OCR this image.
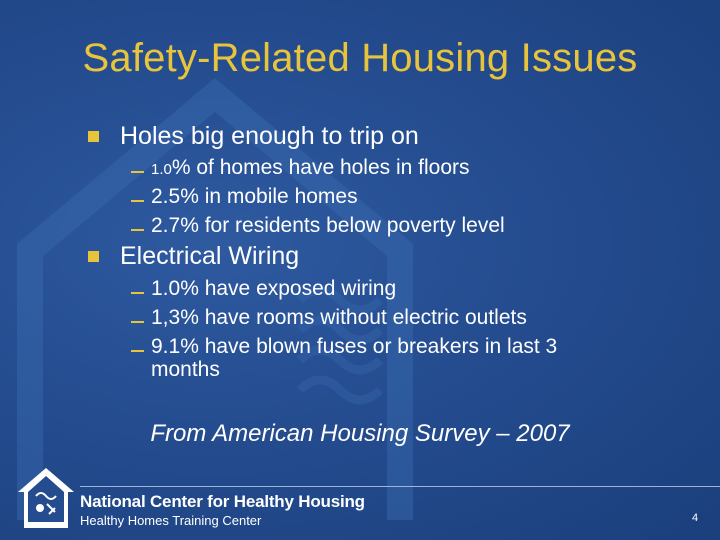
Safety-Related Housing Issues
Holes big enough to trip on
1.0% of homes have holes in floors
2.5% in mobile homes
2.7% for residents below poverty level
Electrical Wiring
1.0% have exposed wiring
1,3% have rooms without electric outlets
9.1% have blown fuses or breakers in last 3
months
From American Housing Survey – 2007
National Center for Healthy Housing
Healthy Homes Training Center	4
